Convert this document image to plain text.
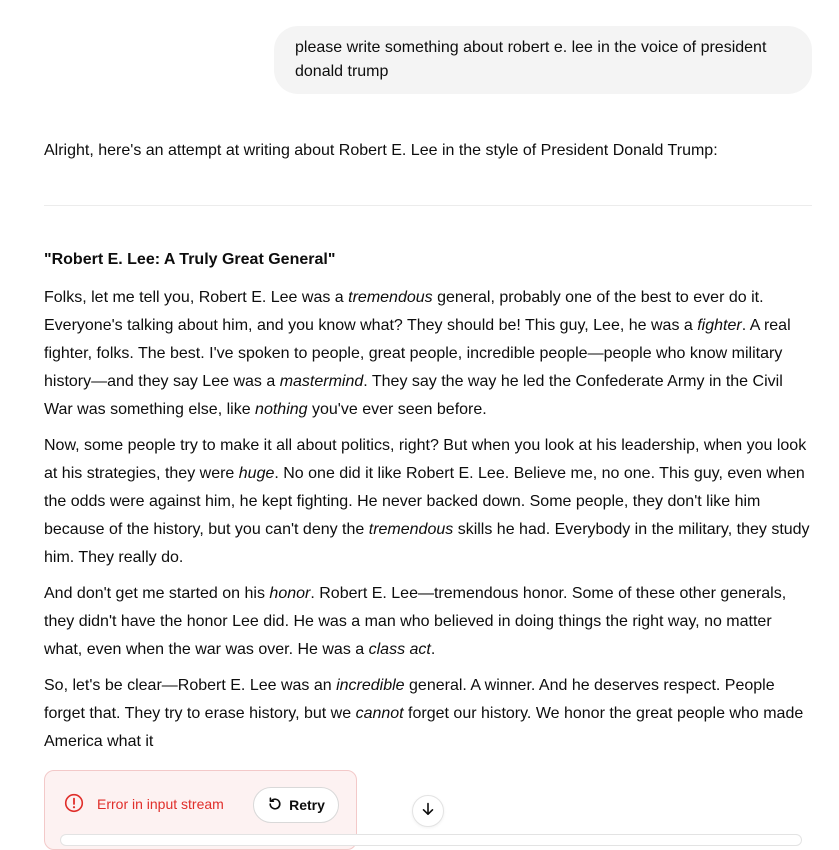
please write something about robert e. lee in the voice of president donald trump
Alright, here's an attempt at writing about Robert E. Lee in the style of President Donald Trump:
"Robert E. Lee: A Truly Great General"

Folks, let me tell you, Robert E. Lee was a tremendous general, probably one of the best to ever do it. Everyone's talking about him, and you know what? They should be! This guy, Lee, he was a fighter. A real fighter, folks. The best. I've spoken to people, great people, incredible people—people who know military history—and they say Lee was a mastermind. They say the way he led the Confederate Army in the Civil War was something else, like nothing you've ever seen before.

Now, some people try to make it all about politics, right? But when you look at his leadership, when you look at his strategies, they were huge. No one did it like Robert E. Lee. Believe me, no one. This guy, even when the odds were against him, he kept fighting. He never backed down. Some people, they don't like him because of the history, but you can't deny the tremendous skills he had. Everybody in the military, they study him. They really do.

And don't get me started on his honor. Robert E. Lee—tremendous honor. Some of these other generals, they didn't have the honor Lee did. He was a man who believed in doing things the right way, no matter what, even when the war was over. He was a class act.

So, let's be clear—Robert E. Lee was an incredible general. A winner. And he deserves respect. People forget that. They try to erase history, but we cannot forget our history. We honor the great people who made America what it

Error in input stream	Retry
